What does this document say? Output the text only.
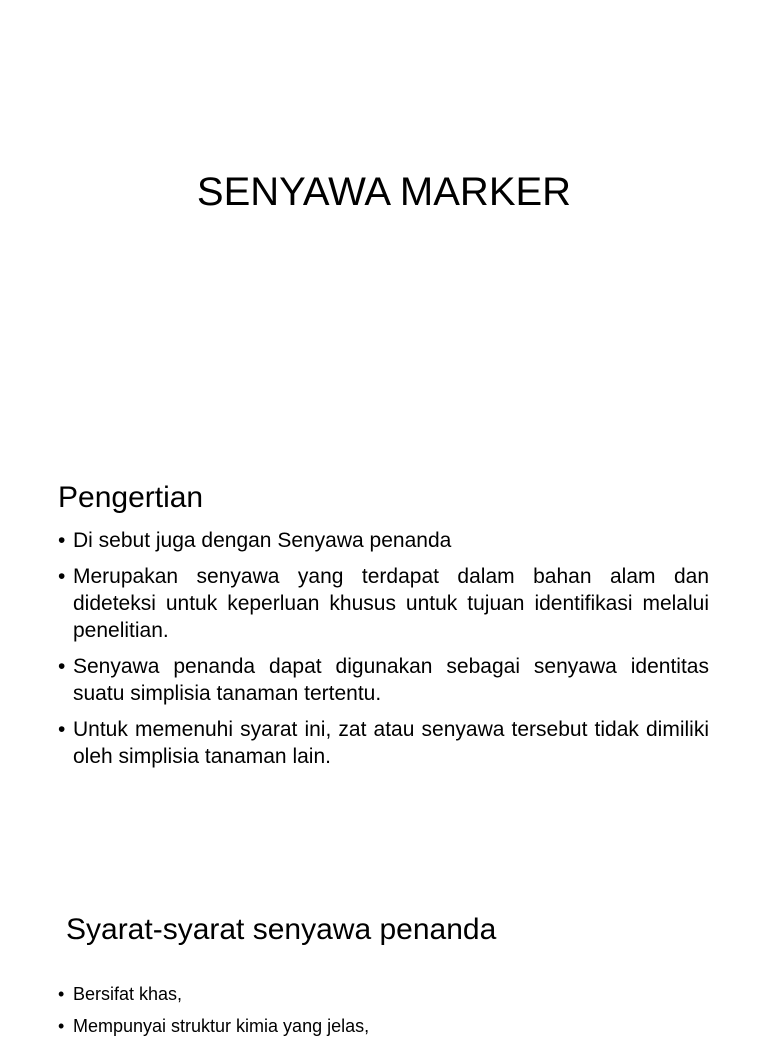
SENYAWA MARKER
Pengertian
• Di sebut juga dengan Senyawa penanda
• Merupakan senyawa yang terdapat dalam bahan alam dan dideteksi untuk keperluan khusus untuk tujuan identifikasi melalui penelitian.
• Senyawa penanda dapat digunakan sebagai senyawa identitas suatu simplisia tanaman tertentu.
• Untuk memenuhi syarat ini, zat atau senyawa tersebut tidak dimiliki oleh simplisia tanaman lain.
Syarat-syarat senyawa penanda
• Bersifat khas,
• Mempunyai struktur kimia yang jelas,
